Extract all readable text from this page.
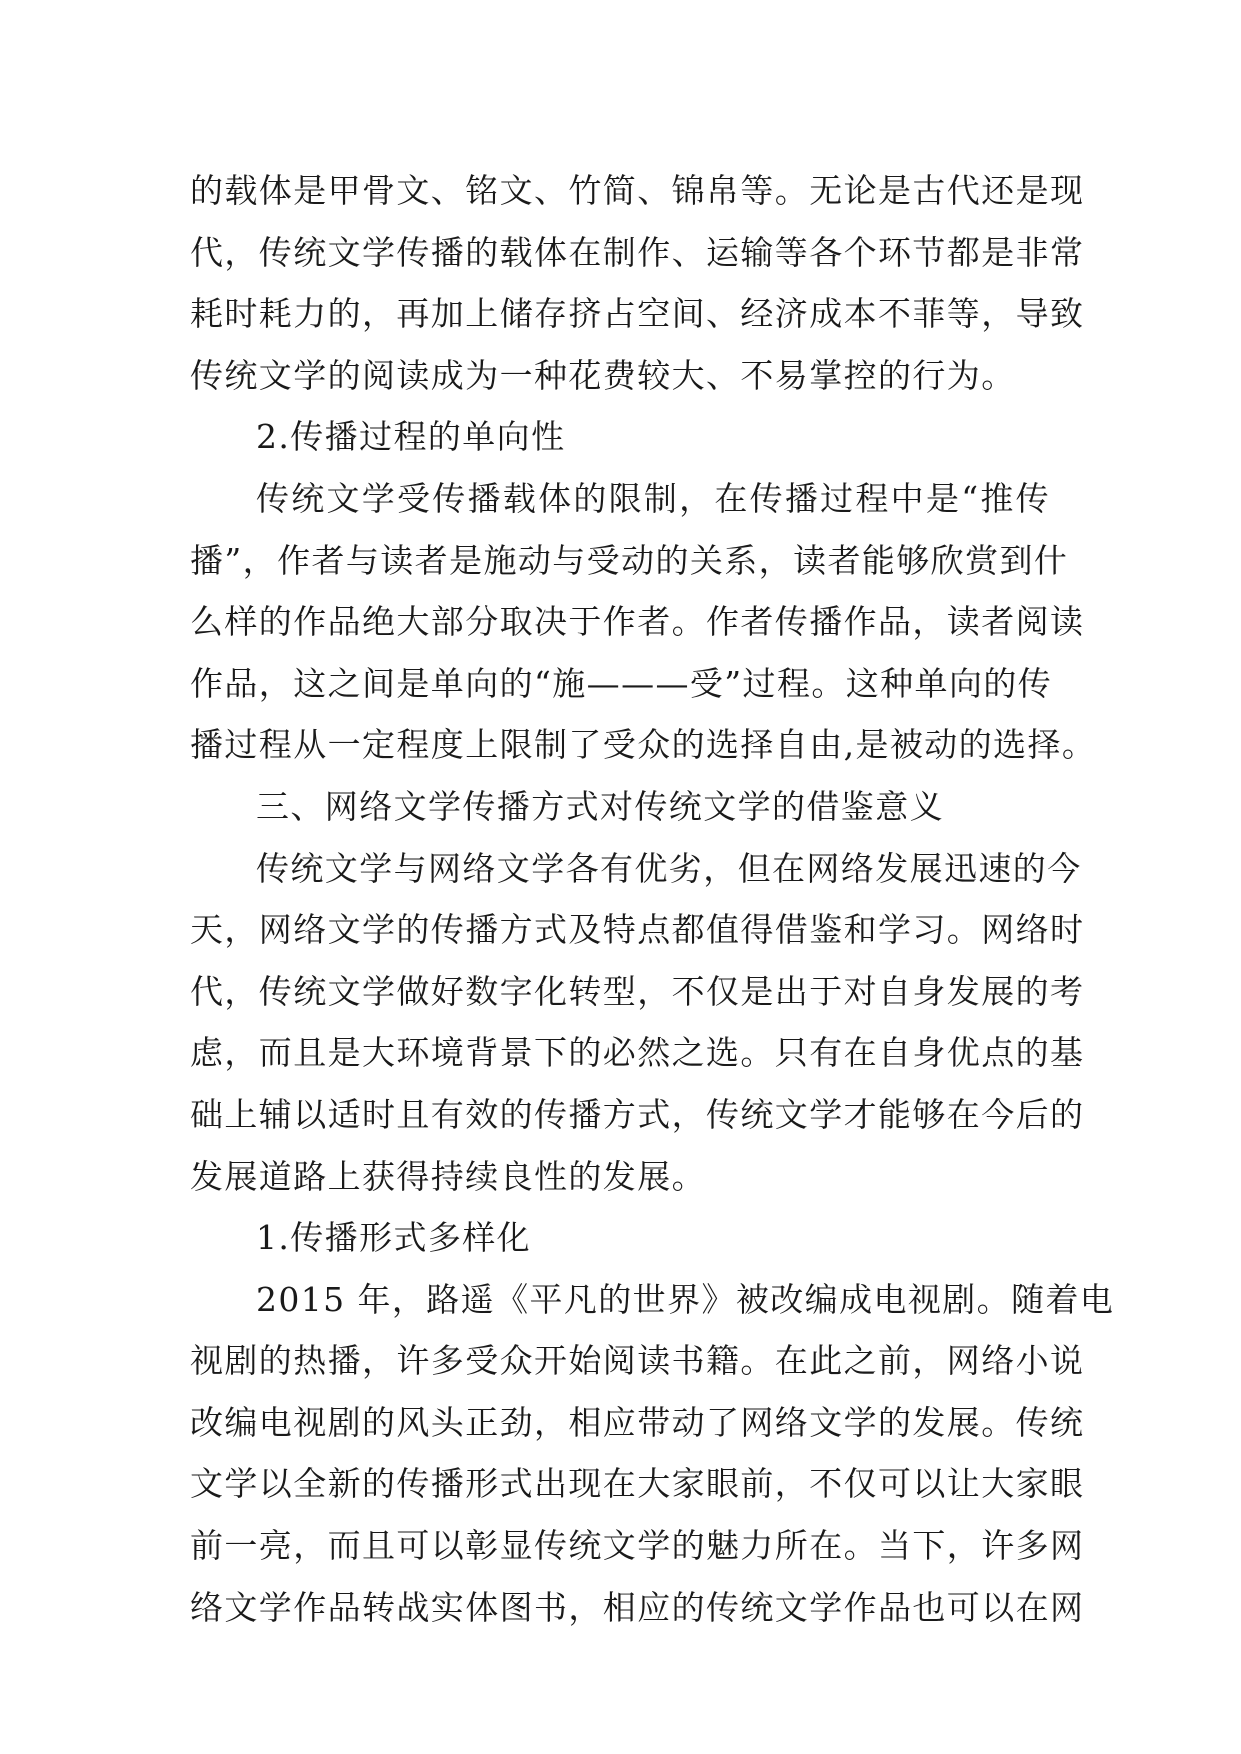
的载体是甲骨文、铭文、竹简、锦帛等。无论是古代还是现
代，传统文学传播的载体在制作、运输等各个环节都是非常
耗时耗力的，再加上储存挤占空间、经济成本不菲等，导致
传统文学的阅读成为一种花费较大、不易掌控的行为。
2.传播过程的单向性
传统文学受传播载体的限制，在传播过程中是“推传
播”，作者与读者是施动与受动的关系，读者能够欣赏到什
么样的作品绝大部分取决于作者。作者传播作品，读者阅读
作品，这之间是单向的“施———受”过程。这种单向的传
播过程从一定程度上限制了受众的选择自由,是被动的选择。
三、网络文学传播方式对传统文学的借鉴意义
传统文学与网络文学各有优劣，但在网络发展迅速的今
天，网络文学的传播方式及特点都值得借鉴和学习。网络时
代，传统文学做好数字化转型，不仅是出于对自身发展的考
虑，而且是大环境背景下的必然之选。只有在自身优点的基
础上辅以适时且有效的传播方式，传统文学才能够在今后的
发展道路上获得持续良性的发展。
1.传播形式多样化
2015 年，路遥《平凡的世界》被改编成电视剧。随着电
视剧的热播，许多受众开始阅读书籍。在此之前，网络小说
改编电视剧的风头正劲，相应带动了网络文学的发展。传统
文学以全新的传播形式出现在大家眼前，不仅可以让大家眼
前一亮，而且可以彰显传统文学的魅力所在。当下，许多网
络文学作品转战实体图书，相应的传统文学作品也可以在网
